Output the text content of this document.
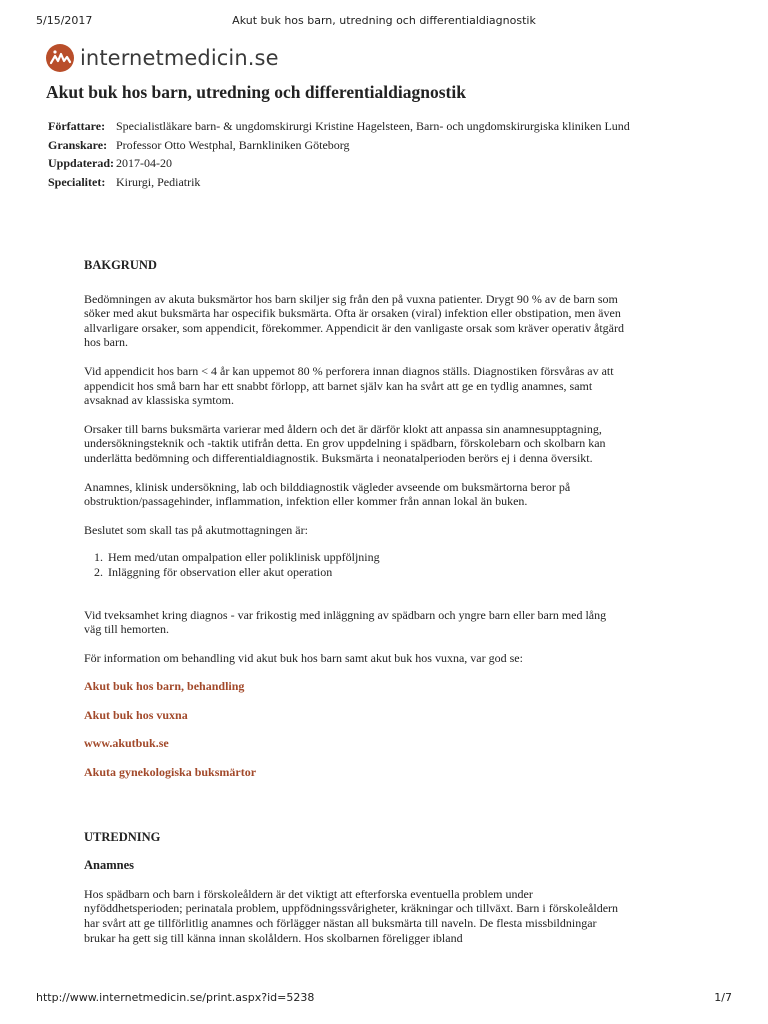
5/15/2017	Akut buk hos barn, utredning och differentialdiagnostik
internetmedicin.se
Akut buk hos barn, utredning och differentialdiagnostik
Författare: Specialistläkare barn- & ungdomskirurgi Kristine Hagelsteen, Barn- och ungdomskirurgiska kliniken Lund
Granskare: Professor Otto Westphal, Barnkliniken Göteborg
Uppdaterad: 2017-04-20
Specialitet: Kirurgi, Pediatrik

BAKGRUND

Bedömningen av akuta buksmärtor hos barn skiljer sig från den på vuxna patienter. Drygt 90 % av de barn som söker med akut buksmärta har ospecifik buksmärta. Ofta är orsaken (viral) infektion eller obstipation, men även allvarligare orsaker, som appendicit, förekommer. Appendicit är den vanligaste orsak som kräver operativ åtgärd hos barn.

Vid appendicit hos barn < 4 år kan uppemot 80 % perforera innan diagnos ställs. Diagnostiken försvåras av att appendicit hos små barn har ett snabbt förlopp, att barnet själv kan ha svårt att ge en tydlig anamnes, samt avsaknad av klassiska symtom.

Orsaker till barns buksmärta varierar med åldern och det är därför klokt att anpassa sin anamnesupptagning, undersökningsteknik och -taktik utifrån detta. En grov uppdelning i spädbarn, förskolebarn och skolbarn kan underlätta bedömning och differentialdiagnostik. Buksmärta i neonatalperioden berörs ej i denna översikt.

Anamnes, klinisk undersökning, lab och bilddiagnostik vägleder avseende om buksmärtorna beror på obstruktion/passagehinder, inflammation, infektion eller kommer från annan lokal än buken.

Beslutet som skall tas på akutmottagningen är:

1. Hem med/utan ompalpation eller poliklinisk uppföljning
2. Inläggning för observation eller akut operation

Vid tveksamhet kring diagnos - var frikostig med inläggning av spädbarn och yngre barn eller barn med lång väg till hemorten.

För information om behandling vid akut buk hos barn samt akut buk hos vuxna, var god se:

Akut buk hos barn, behandling
Akut buk hos vuxna
www.akutbuk.se
Akuta gynekologiska buksmärtor

UTREDNING

Anamnes

Hos spädbarn och barn i förskoleåldern är det viktigt att efterforska eventuella problem under nyföddhetsperioden; perinatala problem, uppfödningssvårigheter, kräkningar och tillväxt. Barn i förskoleåldern har svårt att ge tillförlitlig anamnes och förlägger nästan all buksmärta till naveln. De flesta missbildningar brukar ha gett sig till känna innan skolåldern. Hos skolbarnen föreligger ibland

http://www.internetmedicin.se/print.aspx?id=5238	1/7
